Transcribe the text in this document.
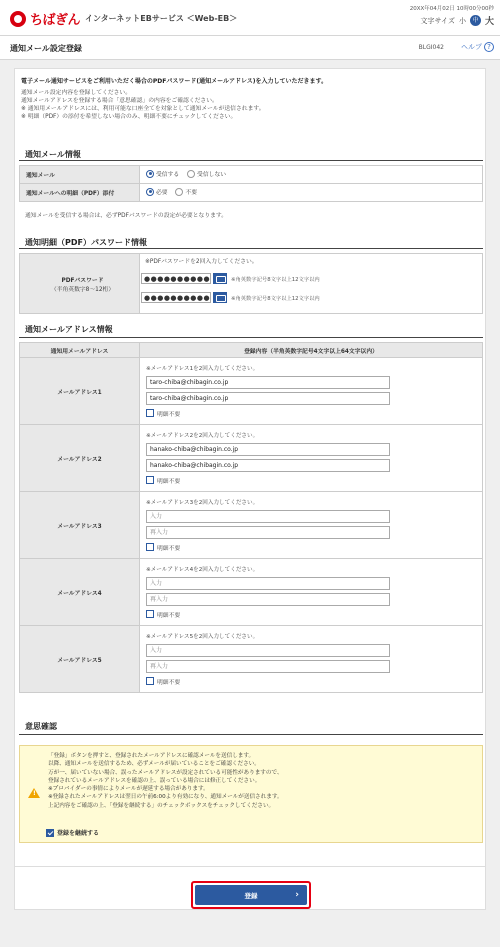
ちばぎん インターネットEBサービス ＜Web-EB＞
20XX年04月02日 10時00分00秒
文字サイズ 小	中 大
通知メール設定登録	BLGI042 ヘルプ ?
電子メール通知サービスをご利用いただく場合のPDFパスワード(通知メールアドレス)を入力していただきます。
通知メール設定内容を登録してください。
通知メールアドレスを登録する場合「意思確認」の内容をご確認ください。
※ 通知用メールアドレスには、利用可能な口座全てを対象として通知メールが送信されます。
※ 明細（PDF）の添付を希望しない場合のみ、明細不要にチェックしてください。
通知メール情報
通知メール	受信する
受信しない

通知メールへの明細（PDF）添付	必要
不要
通知メールを受信する場合は、必ずPDFパスワードの設定が必要となります。
通知明細（PDF）パスワード情報
PDFパスワード
（半角英数字8～12桁）

※PDFパスワードを2回入力してください。
●●●●●●●●●●	※角英数字記号8文字以上12文字以内
●●●●●●●●●●	※角英数字記号8文字以上12文字以内
通知メールアドレス情報
通知用メールアドレス	登録内容（半角英数字記号4文字以上64文字以内）
メールアドレス1	※メールアドレス1を2回入力してください。
taro-chiba@chibagin.co.jp
taro-chiba@chibagin.co.jp
明細不要

メールアドレス2	※メールアドレス2を2回入力してください。
hanako-chiba@chibagin.co.jp
hanako-chiba@chibagin.co.jp
明細不要

メールアドレス3	※メールアドレス3を2回入力してください。
入力
再入力
明細不要

メールアドレス4	※メールアドレス4を2回入力してください。
入力
再入力
明細不要

メールアドレス5	※メールアドレス5を2回入力してください。
入力
再入力
明細不要
意思確認
!
「登録」ボタンを押すと、登録されたメールアドレスに確認メールを送信します。
以降、通知メールを送信するため、必ずメールが届いていることをご確認ください。
万が一、届いていない場合、誤ったメールアドレスが設定されている可能性がありますので、
登録されているメールアドレスを確認の上、誤っている場合には修正してください。
※プロバイダーの事情によりメールが遅延する場合があります。
※登録されたメールアドレスは翌日の午前6:00より有効になり、通知メールが送信されます。
上記内容をご確認の上、「登録を継続する」のチェックボックスをチェックしてください。
登録を継続する
登録	›
